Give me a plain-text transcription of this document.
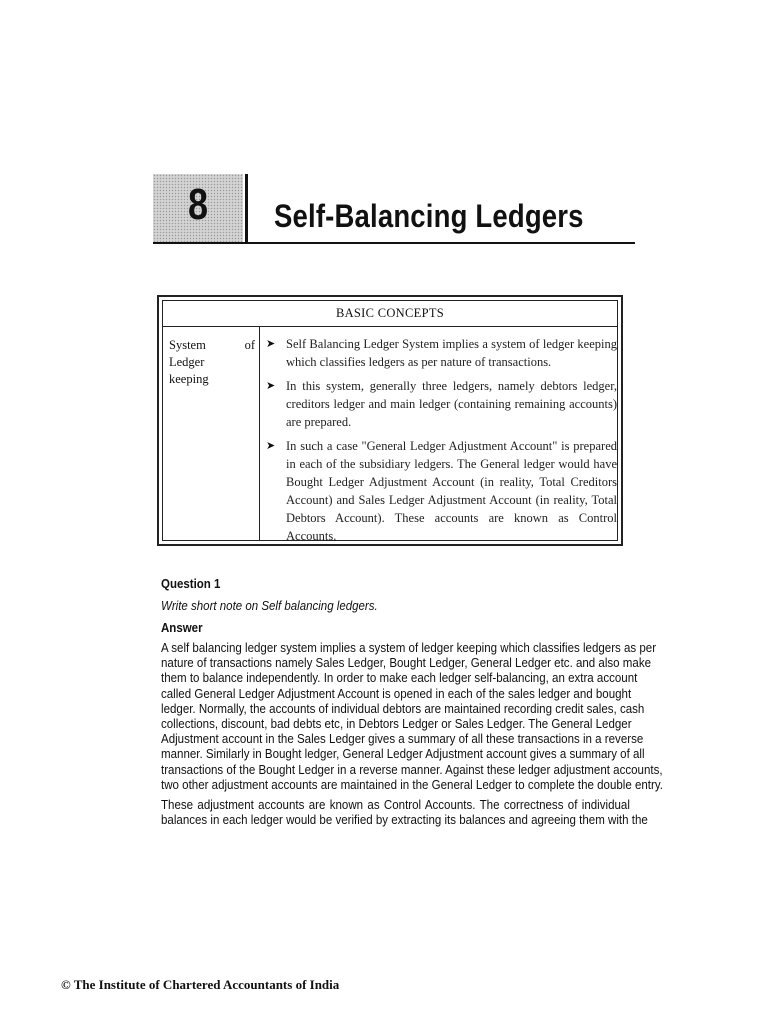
8	Self-Balancing Ledgers
BASIC CONCEPTS
System	of
Ledger
keeping
➤ Self Balancing Ledger System implies a system of ledger keeping which classifies ledgers as per nature of transactions.
➤ In this system, generally three ledgers, namely debtors ledger, creditors ledger and main ledger (containing remaining accounts) are prepared.
➤ In such a case "General Ledger Adjustment Account" is prepared in each of the subsidiary ledgers. The General ledger would have Bought Ledger Adjustment Account (in reality, Total Creditors Account) and Sales Ledger Adjustment Account (in reality, Total Debtors Account). These accounts are known as Control Accounts.
Question 1
Write short note on Self balancing ledgers.
Answer
A self balancing ledger system implies a system of ledger keeping which classifies ledgers as per
nature of transactions namely Sales Ledger, Bought Ledger, General Ledger etc. and also make
them to balance independently. In order to make each ledger self-balancing, an extra account
called General Ledger Adjustment Account is opened in each of the sales ledger and bought
ledger. Normally, the accounts of individual debtors are maintained recording credit sales, cash
collections, discount, bad debts etc, in Debtors Ledger or Sales Ledger. The General Ledger
Adjustment account in the Sales Ledger gives a summary of all these transactions in a reverse
manner. Similarly in Bought ledger, General Ledger Adjustment account gives a summary of all
transactions of the Bought Ledger in a reverse manner. Against these ledger adjustment accounts,
two other adjustment accounts are maintained in the General Ledger to complete the double entry.
These adjustment accounts are known as Control Accounts. The correctness of individual
balances in each ledger would be verified by extracting its balances and agreeing them with the
© The Institute of Chartered Accountants of India
